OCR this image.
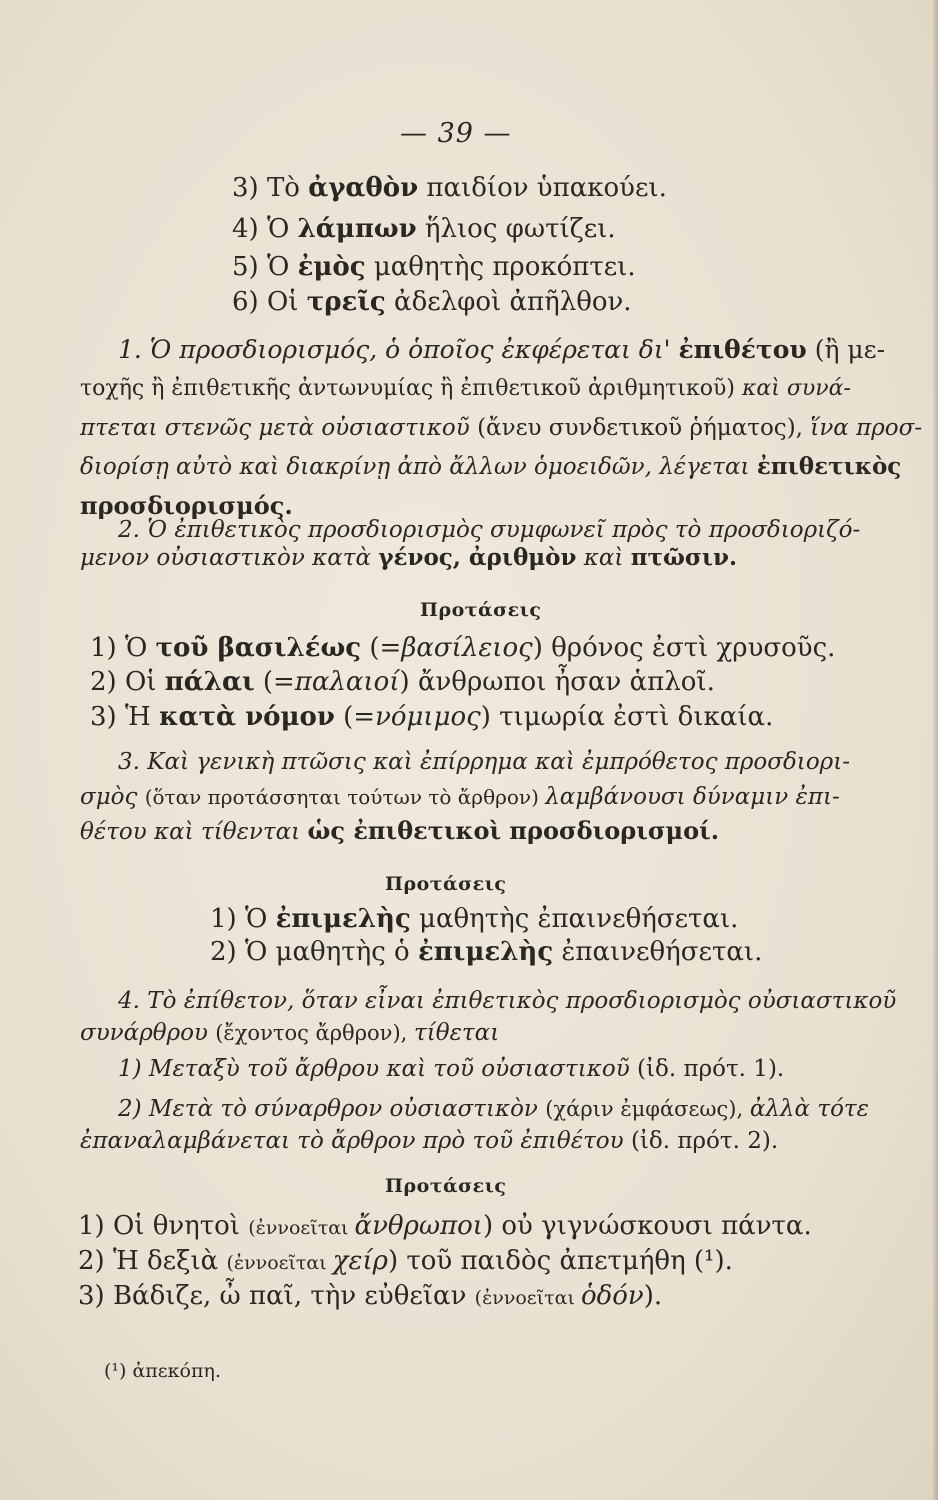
— 39 —
3) Τὸ ἀγαθὸν παιδίον ὑπακούει.
4) Ὁ λάμπων ἥλιος φωτίζει.
5) Ὁ ἐμὸς μαθητὴς προκόπτει.
6) Οἱ τρεῖς ἀδελφοὶ ἀπῆλθον.
1. Ὁ προσδιορισμός, ὁ ὁποῖος ἐκφέρεται δι' ἐπιθέτου (ἢ με-
τοχῆς ἢ ἐπιθετικῆς ἀντωνυμίας ἢ ἐπιθετικοῦ ἀριθμητικοῦ) καὶ συνά-
πτεται στενῶς μετὰ οὐσιαστικοῦ (ἄνευ συνδετικοῦ ῥήματος), ἵνα προσ-
διορίσῃ αὐτὸ καὶ διακρίνῃ ἀπὸ ἄλλων ὁμοειδῶν, λέγεται ἐπιθετικὸς
προσδιορισμός.
2. Ὁ ἐπιθετικὸς προσδιορισμὸς συμφωνεῖ πρὸς τὸ προσδιοριζό-
μενον οὐσιαστικὸν κατὰ γένος, ἀριθμὸν καὶ πτῶσιν.
Προτάσεις
1) Ὁ τοῦ βασιλέως (=βασίλειος) θρόνος ἐστὶ χρυσοῦς.
2) Οἱ πάλαι (=παλαιοί) ἄνθρωποι ἦσαν ἁπλοῖ.
3) Ἡ κατὰ νόμον (=νόμιμος) τιμωρία ἐστὶ δικαία.
3. Καὶ γενικὴ πτῶσις καὶ ἐπίρρημα καὶ ἐμπρόθετος προσδιορι-
σμὸς (ὅταν προτάσσηται τούτων τὸ ἄρθρον) λαμβάνουσι δύναμιν ἐπι-
θέτου καὶ τίθενται ὡς ἐπιθετικοὶ προσδιορισμοί.
Προτάσεις
1) Ὁ ἐπιμελὴς μαθητὴς ἐπαινεθήσεται.
2) Ὁ μαθητὴς ὁ ἐπιμελὴς ἐπαινεθήσεται.
4. Τὸ ἐπίθετον, ὅταν εἶναι ἐπιθετικὸς προσδιορισμὸς οὐσιαστικοῦ
συνάρθρου (ἔχοντος ἄρθρον), τίθεται
1) Μεταξὺ τοῦ ἄρθρου καὶ τοῦ οὐσιαστικοῦ (ἰδ. πρότ. 1).
2) Μετὰ τὸ σύναρθρον οὐσιαστικὸν (χάριν ἐμφάσεως), ἀλλὰ τότε
ἐπαναλαμβάνεται τὸ ἄρθρον πρὸ τοῦ ἐπιθέτου (ἰδ. πρότ. 2).
Προτάσεις
1) Οἱ θνητοὶ (ἐννοεῖται ἄνθρωποι) οὐ γιγνώσκουσι πάντα.
2) Ἡ δεξιὰ (ἐννοεῖται χείρ) τοῦ παιδὸς ἀπετμήθη (¹).
3) Βάδιζε, ὦ παῖ, τὴν εὐθεῖαν (ἐννοεῖται ὁδόν).
(¹) ἀπεκόπη.
